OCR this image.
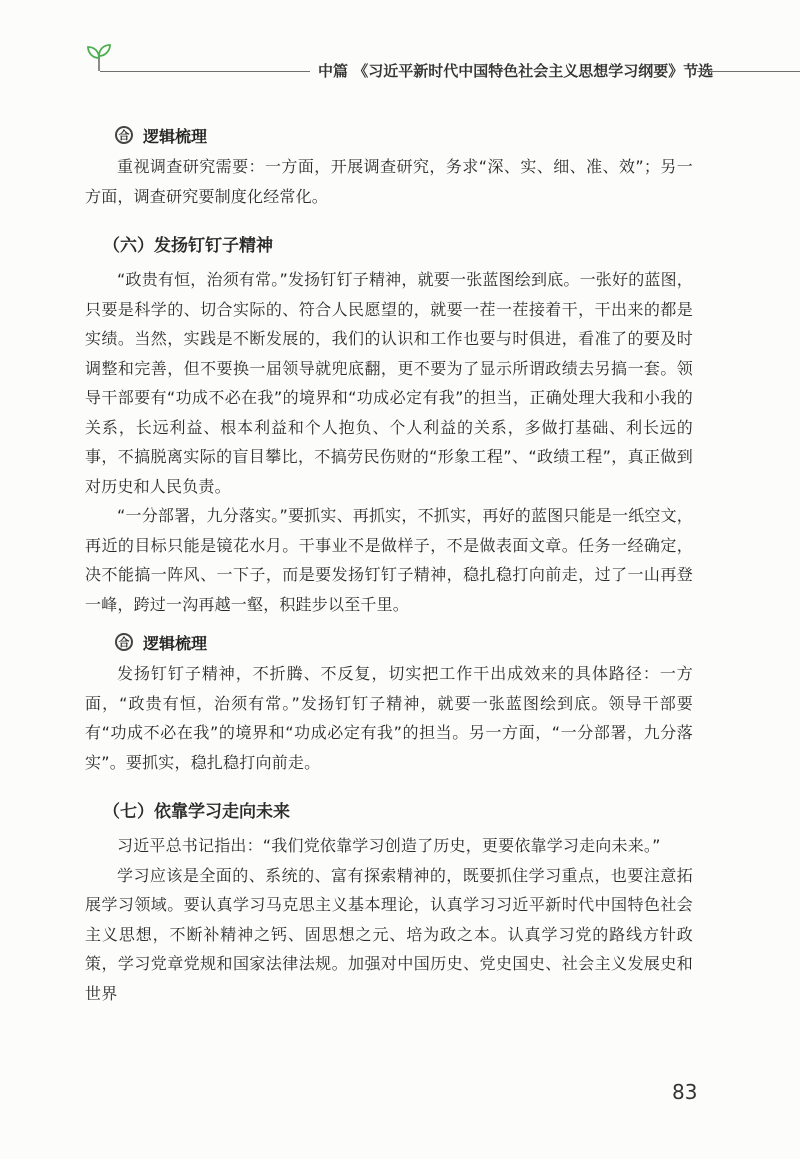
中篇 《习近平新时代中国特色社会主义思想学习纲要》节选
合 逻辑梳理

重视调查研究需要：一方面，开展调查研究，务求“深、实、细、准、效”；另一方面，调查研究要制度化经常化。

（六）发扬钉钉子精神

“政贵有恒，治须有常。”发扬钉钉子精神，就要一张蓝图绘到底。一张好的蓝图，只要是科学的、切合实际的、符合人民愿望的，就要一茬一茬接着干，干出来的都是实绩。当然，实践是不断发展的，我们的认识和工作也要与时俱进，看准了的要及时调整和完善，但不要换一届领导就兜底翻，更不要为了显示所谓政绩去另搞一套。领导干部要有“功成不必在我”的境界和“功成必定有我”的担当，正确处理大我和小我的关系，长远利益、根本利益和个人抱负、个人利益的关系，多做打基础、利长远的事，不搞脱离实际的盲目攀比，不搞劳民伤财的“形象工程”、“政绩工程”，真正做到对历史和人民负责。

“一分部署，九分落实。”要抓实、再抓实，不抓实，再好的蓝图只能是一纸空文，再近的目标只能是镜花水月。干事业不是做样子，不是做表面文章。任务一经确定，决不能搞一阵风、一下子，而是要发扬钉钉子精神，稳扎稳打向前走，过了一山再登一峰，跨过一沟再越一壑，积跬步以至千里。

合 逻辑梳理

发扬钉钉子精神，不折腾、不反复，切实把工作干出成效来的具体路径：一方面，“政贵有恒，治须有常。”发扬钉钉子精神，就要一张蓝图绘到底。领导干部要有“功成不必在我”的境界和“功成必定有我”的担当。另一方面，“一分部署，九分落实”。要抓实，稳扎稳打向前走。

（七）依靠学习走向未来

习近平总书记指出：“我们党依靠学习创造了历史，更要依靠学习走向未来。”

学习应该是全面的、系统的、富有探索精神的，既要抓住学习重点，也要注意拓展学习领域。要认真学习马克思主义基本理论，认真学习习近平新时代中国特色社会主义思想，不断补精神之钙、固思想之元、培为政之本。认真学习党的路线方针政策，学习党章党规和国家法律法规。加强对中国历史、党史国史、社会主义发展史和世界

83
